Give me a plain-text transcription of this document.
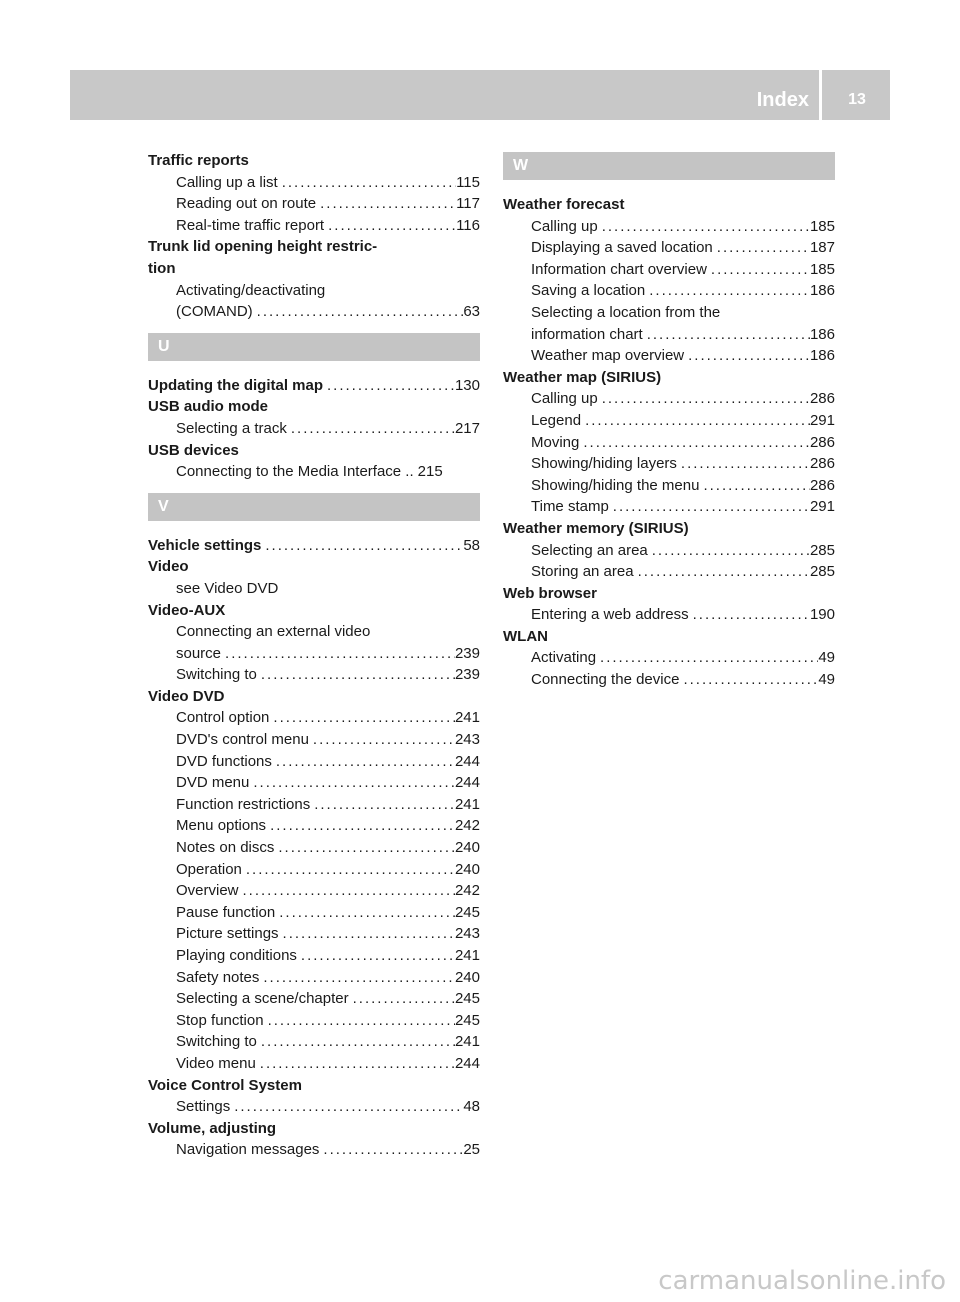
Index	13
Traffic reports
Calling up a list .....	115
Reading out on route .....	117
Real-time traffic report .....	116
Trunk lid opening height restric-
tion
Activating/deactivating
(COMAND) .....	63
U
Updating the digital map .....	130
USB audio mode
Selecting a track .....	217
USB devices
Connecting to the Media Interface .. 215
V
Vehicle settings .....	58
Video
see Video DVD
Video-AUX
Connecting an external video
source .....	239
Switching to .....	239
Video DVD
Control option .....	241
DVD's control menu .....	243
DVD functions .....	244
DVD menu .....	244
Function restrictions .....	241
Menu options .....	242
Notes on discs .....	240
Operation .....	240
Overview .....	242
Pause function .....	245
Picture settings .....	243
Playing conditions .....	241
Safety notes .....	240
Selecting a scene/chapter .....	245
Stop function .....	245
Switching to .....	241
Video menu .....	244
Voice Control System
Settings .....	48
Volume, adjusting
Navigation messages .....	25
W
Weather forecast
Calling up .....	185
Displaying a saved location .....	187
Information chart overview .....	185
Saving a location .....	186
Selecting a location from the
information chart .....	186
Weather map overview .....	186
Weather map (SIRIUS)
Calling up .....	286
Legend .....	291
Moving .....	286
Showing/hiding layers .....	286
Showing/hiding the menu .....	286
Time stamp .....	291
Weather memory (SIRIUS)
Selecting an area .....	285
Storing an area .....	285
Web browser
Entering a web address .....	190
WLAN
Activating .....	49
Connecting the device .....	49
carmanualsonline.info
